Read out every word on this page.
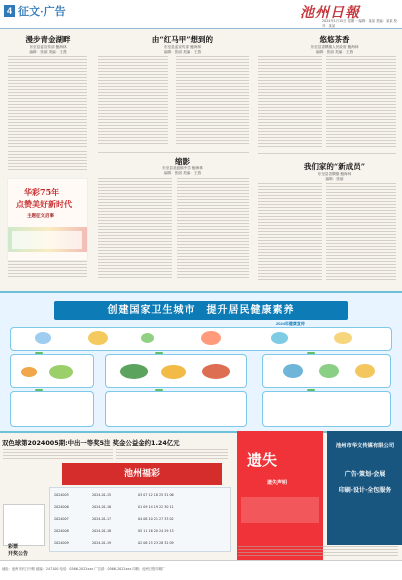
4 征文·广告	池州日報
2024年1月15日 星期一 编辑：某某 美编：某某 校对：某某
漫步青金湖畔
东至县委宣传部 鲍海林
编辑：张丽 美编：王燕
华彩75年
点赞美好新时代
主题征文启事
由“红马甲”想到的
东至县委宣传部 鲍海林
编辑：张丽 美编：王燕
悠悠茶香
东至县香隅镇人民政府 鲍海林
编辑：张丽 美编：王燕
缩影
东至县尧渡镇中学 鲍海林
编辑：张丽 美编：王燕
我们家的“新成员”
东至县香隅镇 鲍海林
编辑：张丽
创建国家卫生城市　提升居民健康素养
2024年健康宣传
双色球第2024005期:中出一等奖5注 奖金公益金约1.24亿元
池州福彩
彩票
开奖公告
2024005	2024-01-15	03 07 12 18 25 31 06
2024006	2024-01-16	01 09 14 19 22 30 11
2024007	2024-01-17	04 08 10 21 27 33 02
2024008	2024-01-18	05 11 16 20 24 29 13
2024009	2024-01-19	02 06 15 23 28 32 09
遗失
遗失声明
池州市华文传媒有限公司
广告·策划·会展
印刷·设计·全包服务
地址：池州市长江中路 邮编：247100 电话：0566-2022xxx 广告部：0566-2022xxx 印刷：池州日报印刷厂
